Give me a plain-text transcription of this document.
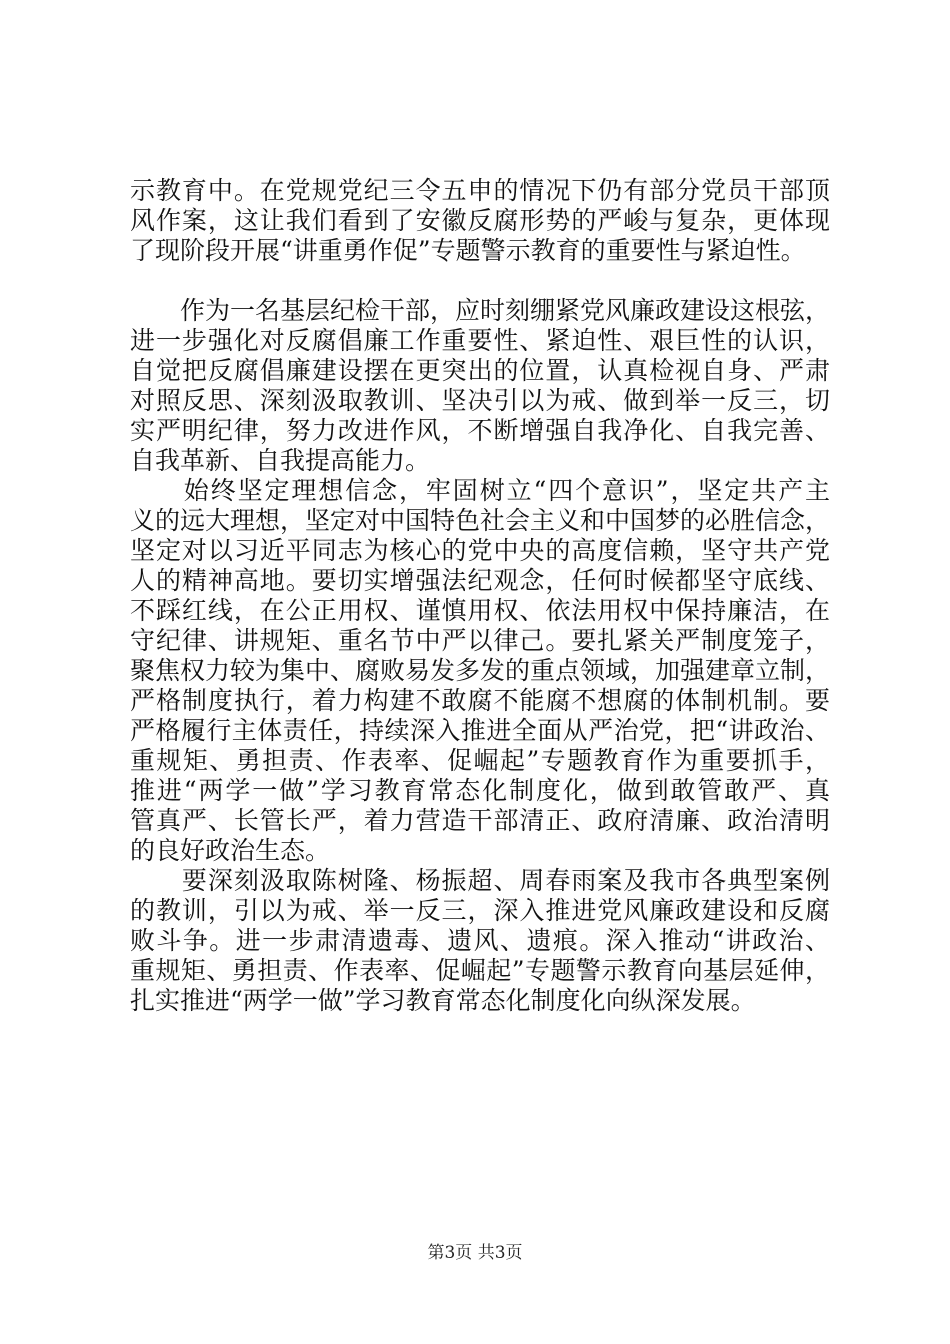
示教育中。在党规党纪三令五申的情况下仍有部分党员干部顶
风作案，这让我们看到了安徽反腐形势的严峻与复杂，更体现
了现阶段开展“讲重勇作促”专题警示教育的重要性与紧迫性。
　　作为一名基层纪检干部，应时刻绷紧党风廉政建设这根弦，
进一步强化对反腐倡廉工作重要性、紧迫性、艰巨性的认识，
自觉把反腐倡廉建设摆在更突出的位置，认真检视自身、严肃
对照反思、深刻汲取教训、坚决引以为戒、做到举一反三，切
实严明纪律，努力改进作风，不断增强自我净化、自我完善、
自我革新、自我提高能力。
　　始终坚定理想信念，牢固树立“四个意识”，坚定共产主
义的远大理想，坚定对中国特色社会主义和中国梦的必胜信念，
坚定对以习近平同志为核心的党中央的高度信赖，坚守共产党
人的精神高地。要切实增强法纪观念，任何时候都坚守底线、
不踩红线，在公正用权、谨慎用权、依法用权中保持廉洁，在
守纪律、讲规矩、重名节中严以律己。要扎紧关严制度笼子，
聚焦权力较为集中、腐败易发多发的重点领域，加强建章立制，
严格制度执行，着力构建不敢腐不能腐不想腐的体制机制。要
严格履行主体责任，持续深入推进全面从严治党，把“讲政治、
重规矩、勇担责、作表率、促崛起”专题教育作为重要抓手，
推进“两学一做”学习教育常态化制度化，做到敢管敢严、真
管真严、长管长严，着力营造干部清正、政府清廉、政治清明
的良好政治生态。
　　要深刻汲取陈树隆、杨振超、周春雨案及我市各典型案例
的教训，引以为戒、举一反三，深入推进党风廉政建设和反腐
败斗争。进一步肃清遗毒、遗风、遗痕。深入推动“讲政治、
重规矩、勇担责、作表率、促崛起”专题警示教育向基层延伸，
扎实推进“两学一做”学习教育常态化制度化向纵深发展。
第3页 共3页
